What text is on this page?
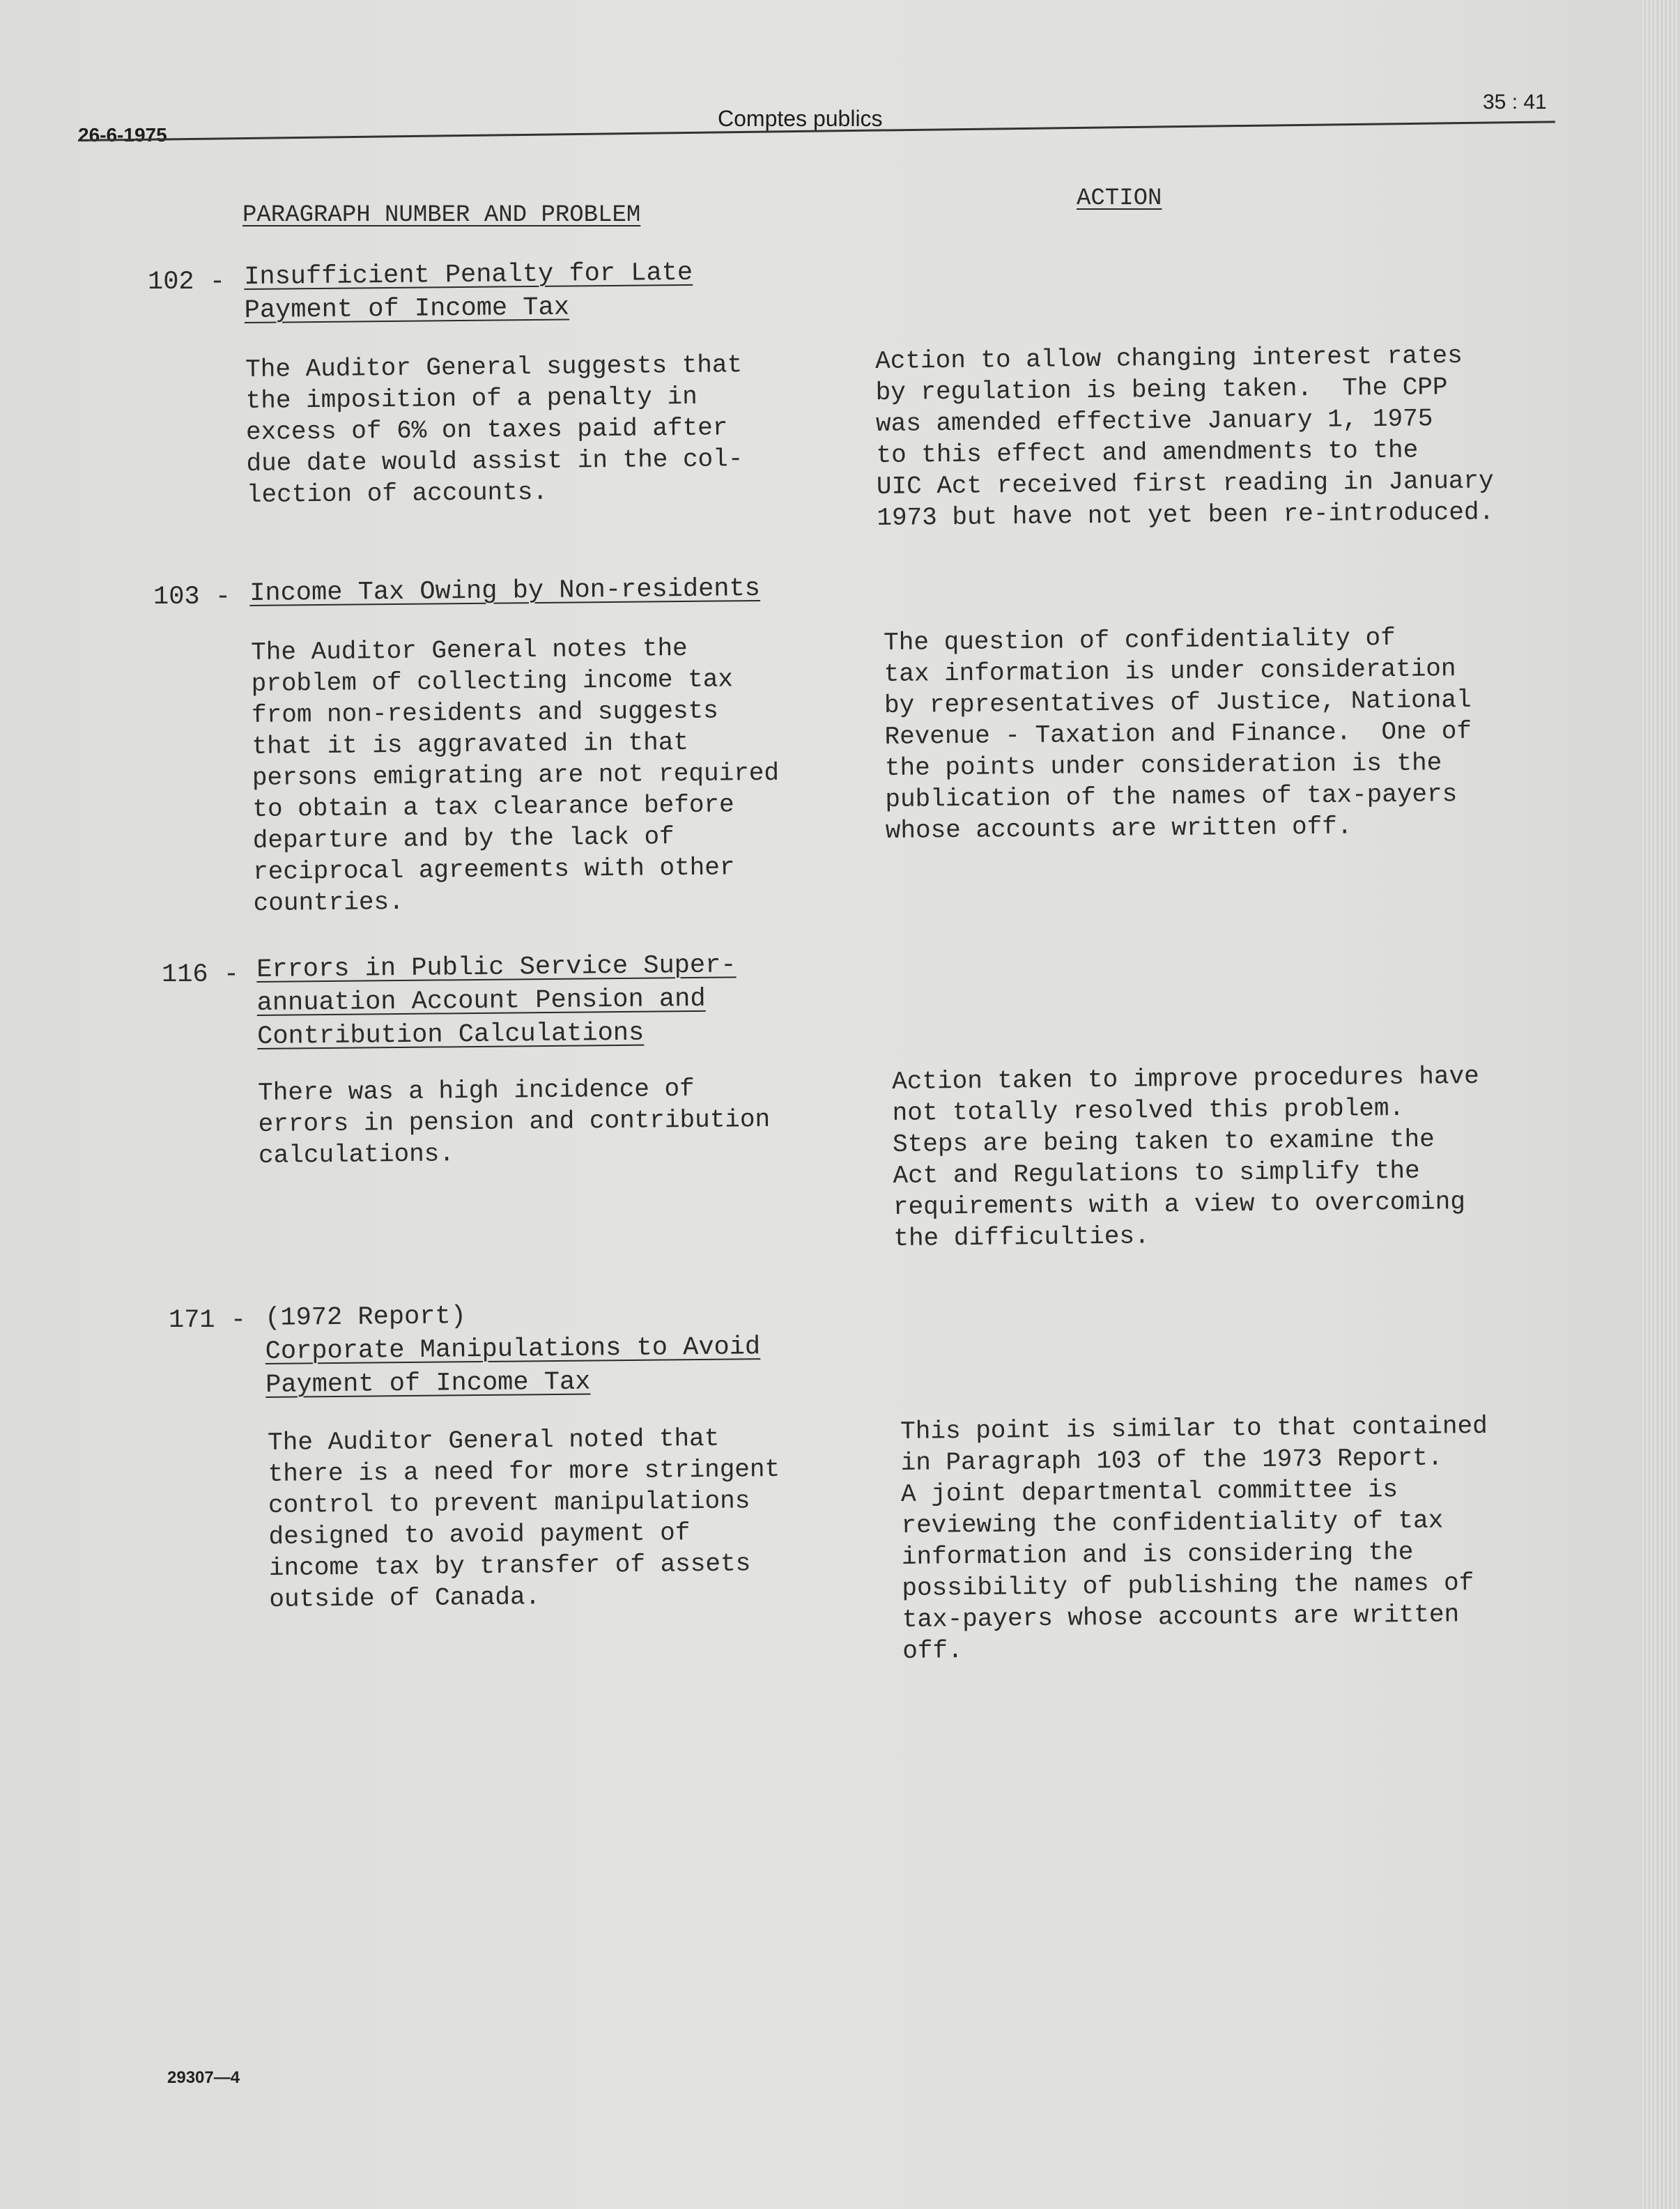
26-6-1975
Comptes publics
35 : 41
PARAGRAPH NUMBER AND PROBLEM
ACTION
102 - Insufficient Penalty for Late
Payment of Income Tax
The Auditor General suggests that
the imposition of a penalty in
excess of 6% on taxes paid after
due date would assist in the col-
lection of accounts.
Action to allow changing interest rates
by regulation is being taken.  The CPP
was amended effective January 1, 1975
to this effect and amendments to the
UIC Act received first reading in January
1973 but have not yet been re-introduced.
103 - Income Tax Owing by Non-residents
The Auditor General notes the
problem of collecting income tax
from non-residents and suggests
that it is aggravated in that
persons emigrating are not required
to obtain a tax clearance before
departure and by the lack of
reciprocal agreements with other
countries.
The question of confidentiality of
tax information is under consideration
by representatives of Justice, National
Revenue - Taxation and Finance.  One of
the points under consideration is the
publication of the names of tax-payers
whose accounts are written off.
116 - Errors in Public Service Super-
annuation Account Pension and
Contribution Calculations
There was a high incidence of
errors in pension and contribution
calculations.
Action taken to improve procedures have
not totally resolved this problem.
Steps are being taken to examine the
Act and Regulations to simplify the
requirements with a view to overcoming
the difficulties.
171 - (1972 Report)
Corporate Manipulations to Avoid
Payment of Income Tax
The Auditor General noted that
there is a need for more stringent
control to prevent manipulations
designed to avoid payment of
income tax by transfer of assets
outside of Canada.
This point is similar to that contained
in Paragraph 103 of the 1973 Report.
A joint departmental committee is
reviewing the confidentiality of tax
information and is considering the
possibility of publishing the names of
tax-payers whose accounts are written
off.
29307—4
